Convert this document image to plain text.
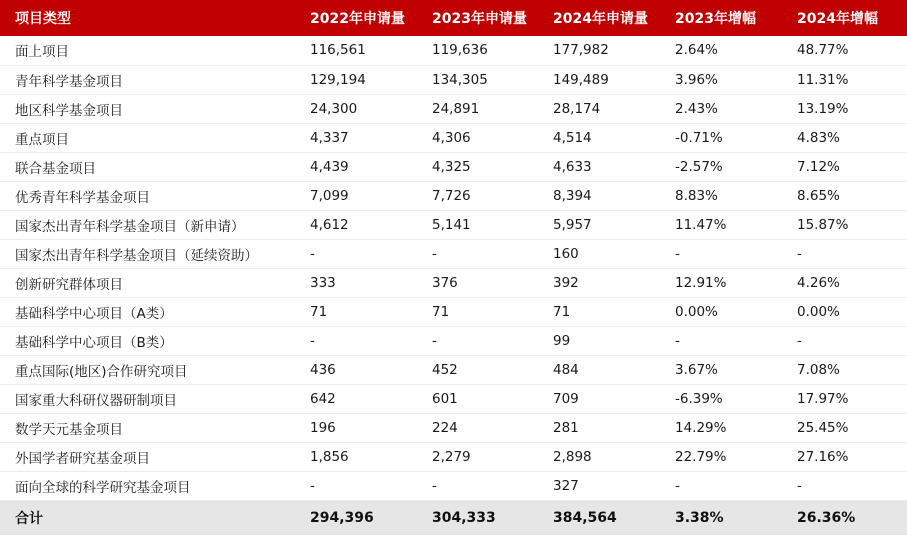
项目类型	2022年申请量	2023年申请量	2024年申请量	2023年增幅	2024年增幅
面上项目	116,561	119,636	177,982	2.64%	48.77%
青年科学基金项目	129,194	134,305	149,489	3.96%	11.31%
地区科学基金项目	24,300	24,891	28,174	2.43%	13.19%
重点项目	4,337	4,306	4,514	-0.71%	4.83%
联合基金项目	4,439	4,325	4,633	-2.57%	7.12%
优秀青年科学基金项目	7,099	7,726	8,394	8.83%	8.65%
国家杰出青年科学基金项目（新申请）	4,612	5,141	5,957	11.47%	15.87%
国家杰出青年科学基金项目（延续资助）	-	-	160	-	-
创新研究群体项目	333	376	392	12.91%	4.26%
基础科学中心项目（A类）	71	71	71	0.00%	0.00%
基础科学中心项目（B类）	-	-	99	-	-
重点国际(地区)合作研究项目	436	452	484	3.67%	7.08%
国家重大科研仪器研制项目	642	601	709	-6.39%	17.97%
数学天元基金项目	196	224	281	14.29%	25.45%
外国学者研究基金项目	1,856	2,279	2,898	22.79%	27.16%
面向全球的科学研究基金项目	-	-	327	-	-
合计	294,396	304,333	384,564	3.38%	26.36%
